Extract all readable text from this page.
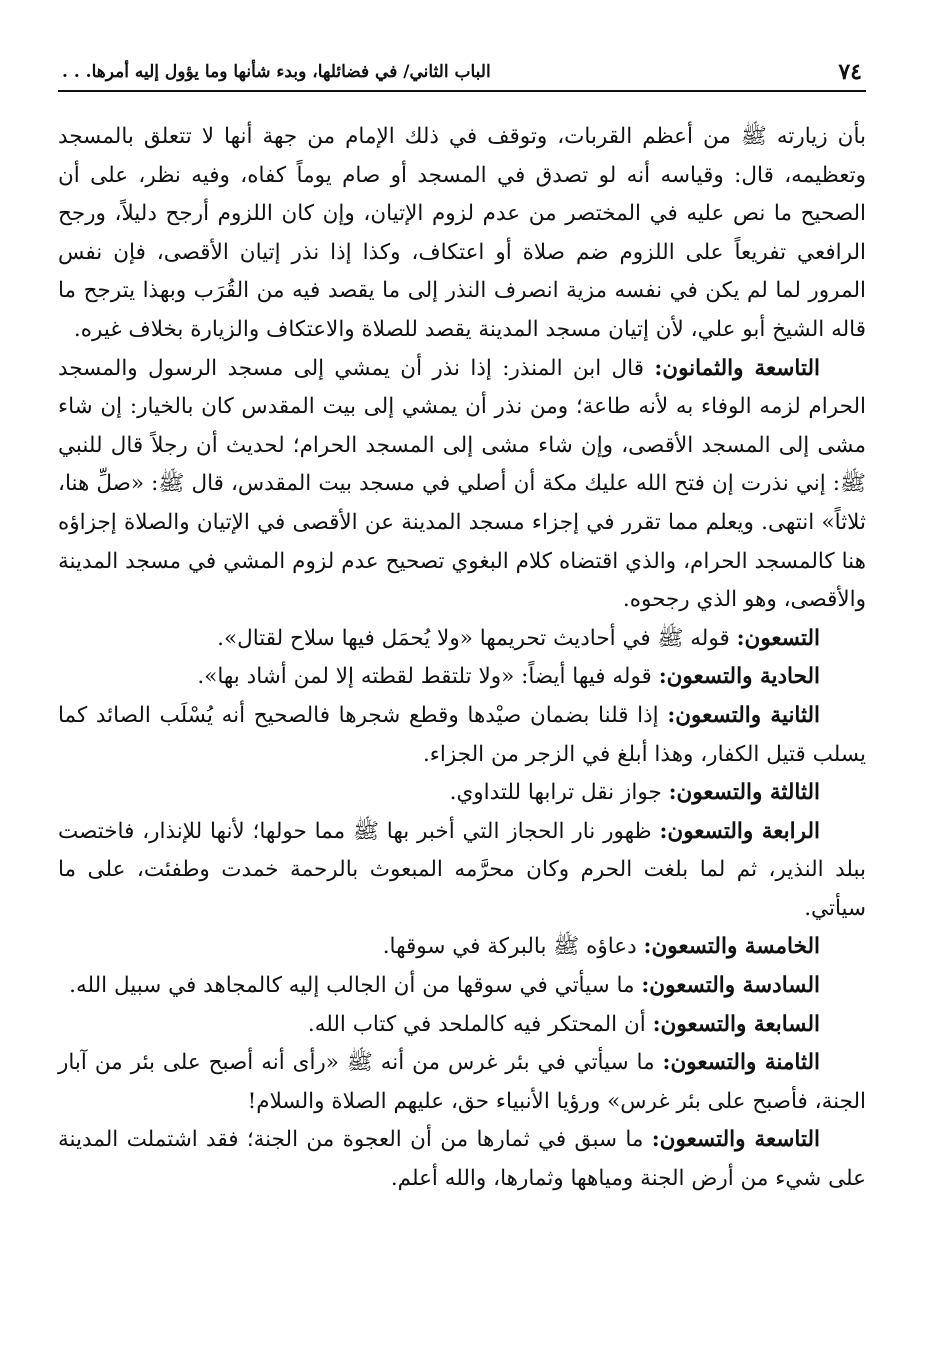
٧٤
الباب الثاني/ في فضائلها، وبدء شأنها وما يؤول إليه أمرها. . .

بأن زيارته ﷺ من أعظم القربات، وتوقف في ذلك الإمام من جهة أنها لا تتعلق بالمسجد وتعظيمه، قال: وقياسه أنه لو تصدق في المسجد أو صام يوماً كفاه، وفيه نظر، على أن الصحيح ما نص عليه في المختصر من عدم لزوم الإتيان، وإن كان اللزوم أرجح دليلاً، ورجح الرافعي تفريعاً على اللزوم ضم صلاة أو اعتكاف، وكذا إذا نذر إتيان الأقصى، فإن نفس المرور لما لم يكن في نفسه مزية انصرف النذر إلى ما يقصد فيه من القُرَب وبهذا يترجح ما قاله الشيخ أبو علي، لأن إتيان مسجد المدينة يقصد للصلاة والاعتكاف والزيارة بخلاف غيره.

التاسعة والثمانون: قال ابن المنذر: إذا نذر أن يمشي إلى مسجد الرسول والمسجد الحرام لزمه الوفاء به لأنه طاعة؛ ومن نذر أن يمشي إلى بيت المقدس كان بالخيار: إن شاء مشى إلى المسجد الأقصى، وإن شاء مشى إلى المسجد الحرام؛ لحديث أن رجلاً قال للنبي ﷺ: إني نذرت إن فتح الله عليك مكة أن أصلي في مسجد بيت المقدس، قال ﷺ: «صلِّ هنا، ثلاثاً» انتهى. ويعلم مما تقرر في إجزاء مسجد المدينة عن الأقصى في الإتيان والصلاة إجزاؤه هنا كالمسجد الحرام، والذي اقتضاه كلام البغوي تصحيح عدم لزوم المشي في مسجد المدينة والأقصى، وهو الذي رجحوه.

التسعون: قوله ﷺ في أحاديث تحريمها «ولا يُحمَل فيها سلاح لقتال».

الحادية والتسعون: قوله فيها أيضاً: «ولا تلتقط لقطته إلا لمن أشاد بها».

الثانية والتسعون: إذا قلنا بضمان صيْدها وقطع شجرها فالصحيح أنه يُسْلَب الصائد كما يسلب قتيل الكفار، وهذا أبلغ في الزجر من الجزاء.

الثالثة والتسعون: جواز نقل ترابها للتداوي.

الرابعة والتسعون: ظهور نار الحجاز التي أخبر بها ﷺ مما حولها؛ لأنها للإنذار، فاختصت ببلد النذير، ثم لما بلغت الحرم وكان محرَّمه المبعوث بالرحمة خمدت وطفئت، على ما سيأتي.

الخامسة والتسعون: دعاؤه ﷺ بالبركة في سوقها.

السادسة والتسعون: ما سيأتي في سوقها من أن الجالب إليه كالمجاهد في سبيل الله.

السابعة والتسعون: أن المحتكر فيه كالملحد في كتاب الله.

الثامنة والتسعون: ما سيأتي في بئر غرس من أنه ﷺ «رأى أنه أصبح على بئر من آبار الجنة، فأصبح على بئر غرس» ورؤيا الأنبياء حق، عليهم الصلاة والسلام!

التاسعة والتسعون: ما سبق في ثمارها من أن العجوة من الجنة؛ فقد اشتملت المدينة على شيء من أرض الجنة ومياهها وثمارها، والله أعلم.
